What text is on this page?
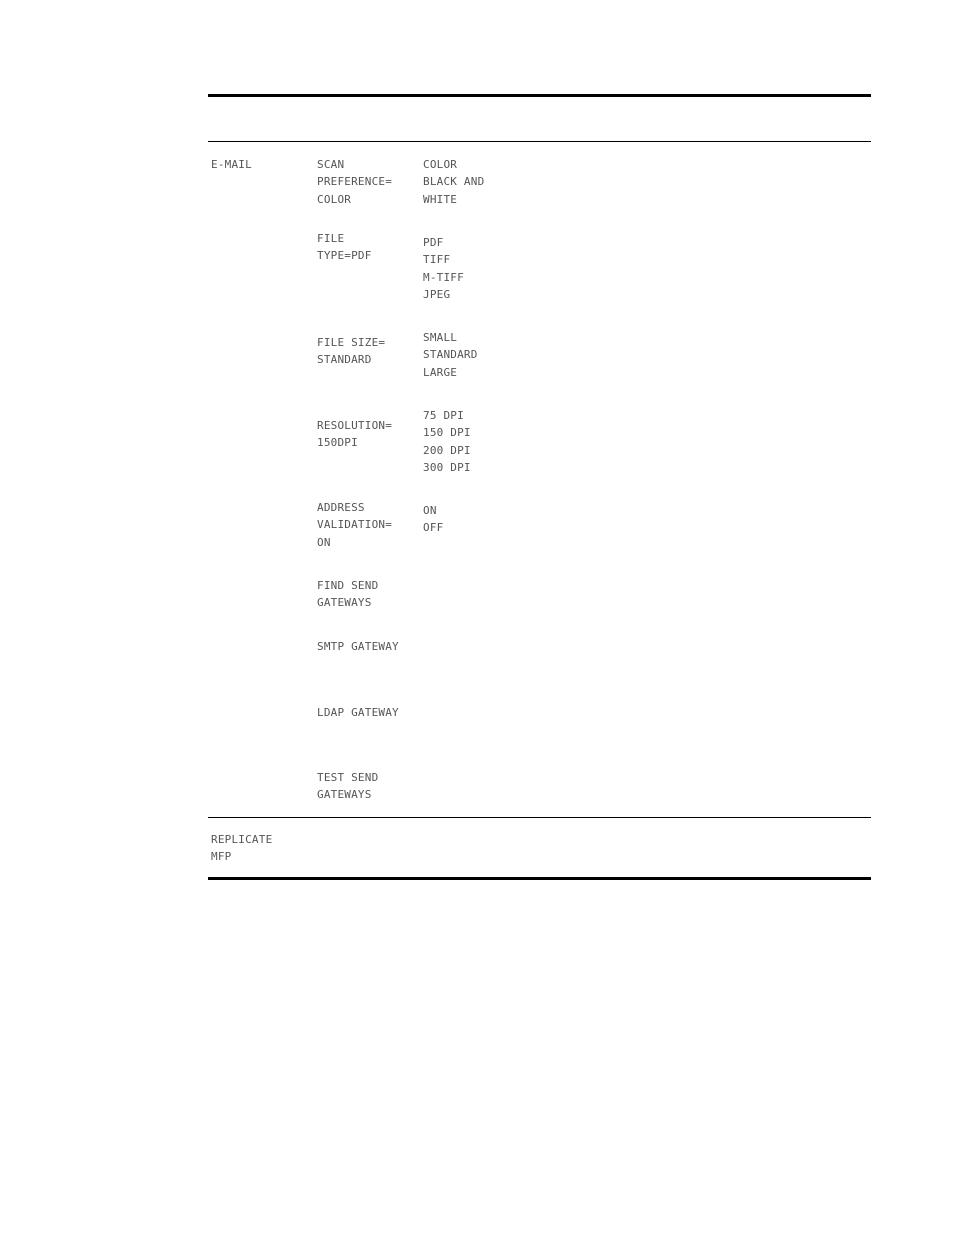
E-MAIL	SCAN
PREFERENCE=
COLOR
COLOR
BLACK AND
WHITE
FILE
TYPE=PDF
PDF
TIFF
M-TIFF
JPEG
FILE SIZE=
STANDARD
SMALL
STANDARD
LARGE
RESOLUTION=
150DPI
75 DPI
150 DPI
200 DPI
300 DPI
ADDRESS
VALIDATION=
ON
ON
OFF
FIND SEND
GATEWAYS
SMTP GATEWAY
LDAP GATEWAY
TEST SEND
GATEWAYS
REPLICATE
MFP
